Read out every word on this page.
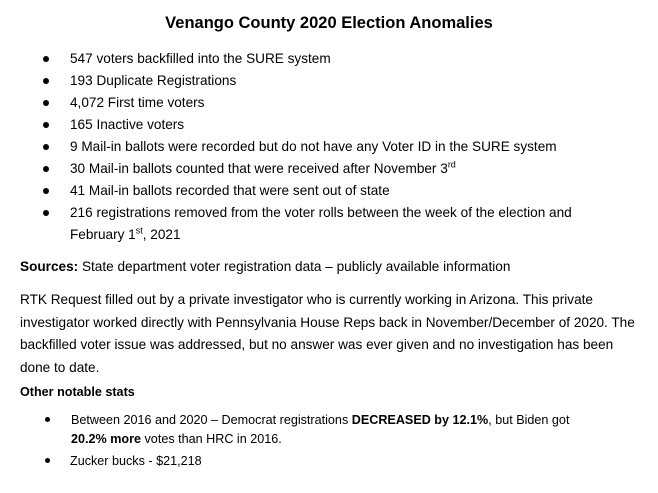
Venango County 2020 Election Anomalies
547 voters backfilled into the SURE system
193 Duplicate Registrations
4,072 First time voters
165 Inactive voters
9 Mail-in ballots were recorded but do not have any Voter ID in the SURE system
30 Mail-in ballots counted that were received after November 3rd
41 Mail-in ballots recorded that were sent out of state
216 registrations removed from the voter rolls between the week of the election and
February 1st, 2021
Sources: State department voter registration data – publicly available information
RTK Request filled out by a private investigator who is currently working in Arizona. This private investigator worked directly with Pennsylvania House Reps back in November/December of 2020. The backfilled voter issue was addressed, but no answer was ever given and no investigation has been done to date.
Other notable stats
Between 2016 and 2020 – Democrat registrations DECREASED by 12.1%, but Biden got
20.2% more votes than HRC in 2016.
Zucker bucks - $21,218
